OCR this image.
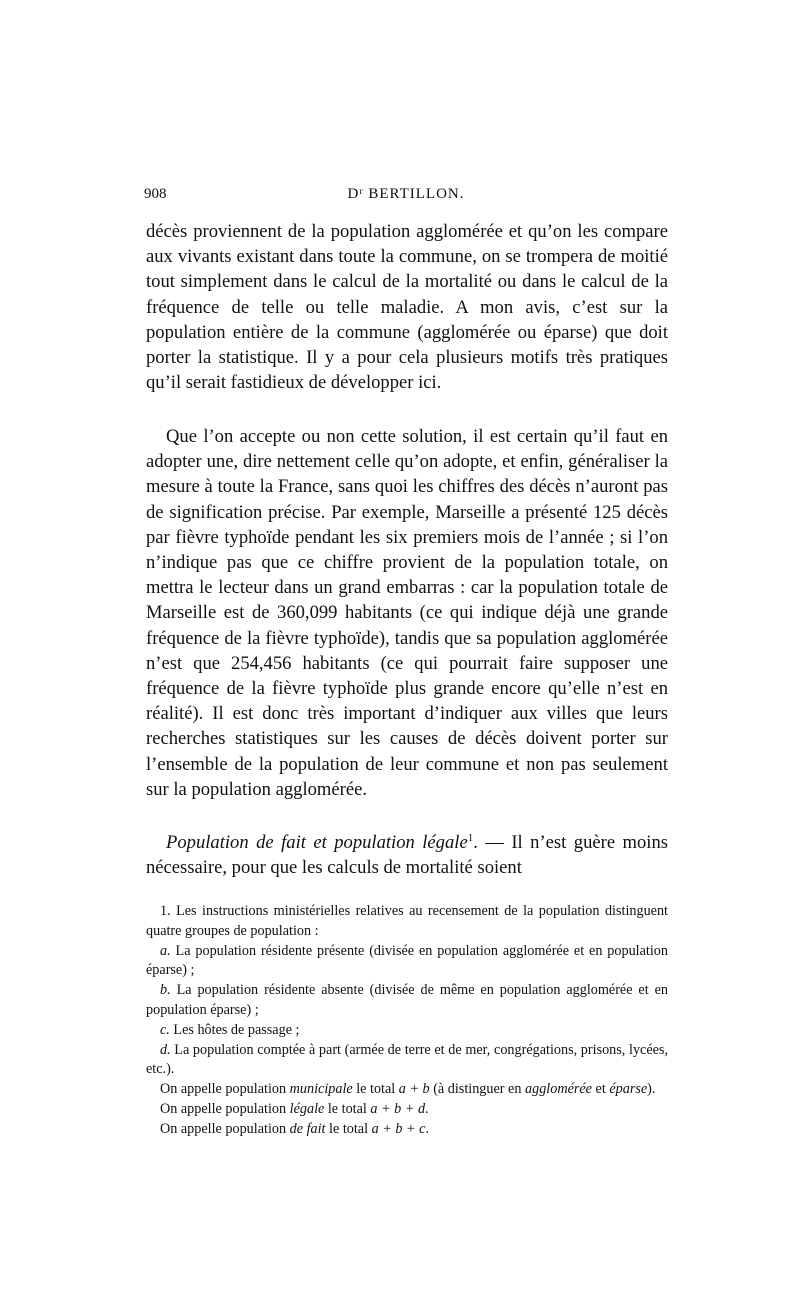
908	Dʳ BERTILLON.
décès proviennent de la population agglomérée et qu’on les compare aux vivants existant dans toute la commune, on se trompera de moitié tout simplement dans le calcul de la mortalité ou dans le calcul de la fréquence de telle ou telle maladie. A mon avis, c’est sur la population entière de la commune (agglomérée ou éparse) que doit porter la statistique. Il y a pour cela plusieurs motifs très pratiques qu’il serait fastidieux de développer ici.
Que l’on accepte ou non cette solution, il est certain qu’il faut en adopter une, dire nettement celle qu’on adopte, et enfin, généraliser la mesure à toute la France, sans quoi les chiffres des décès n’auront pas de signification précise. Par exemple, Marseille a présenté 125 décès par fièvre typhoïde pendant les six premiers mois de l’année ; si l’on n’indique pas que ce chiffre provient de la population totale, on mettra le lecteur dans un grand embarras : car la population totale de Marseille est de 360,099 habitants (ce qui indique déjà une grande fréquence de la fièvre typhoïde), tandis que sa population agglomérée n’est que 254,456 habitants (ce qui pourrait faire supposer une fréquence de la fièvre typhoïde plus grande encore qu’elle n’est en réalité). Il est donc très important d’indiquer aux villes que leurs recherches statistiques sur les causes de décès doivent porter sur l’ensemble de la population de leur commune et non pas seulement sur la population agglomérée.
Population de fait et population légale$^1$. — Il n’est guère moins nécessaire, pour que les calculs de mortalité soient

1. Les instructions ministérielles relatives au recensement de la population distinguent quatre groupes de population :

a. La population résidente présente (divisée en population agglomérée et en population éparse) ;

b. La population résidente absente (divisée de même en population agglomérée et en population éparse) ;

c. Les hôtes de passage ;

d. La population comptée à part (armée de terre et de mer, congrégations, prisons, lycées, etc.).

On appelle population municipale le total a + b (à distinguer en agglomérée et éparse).

On appelle population légale le total a + b + d.

On appelle population de fait le total a + b + c.
